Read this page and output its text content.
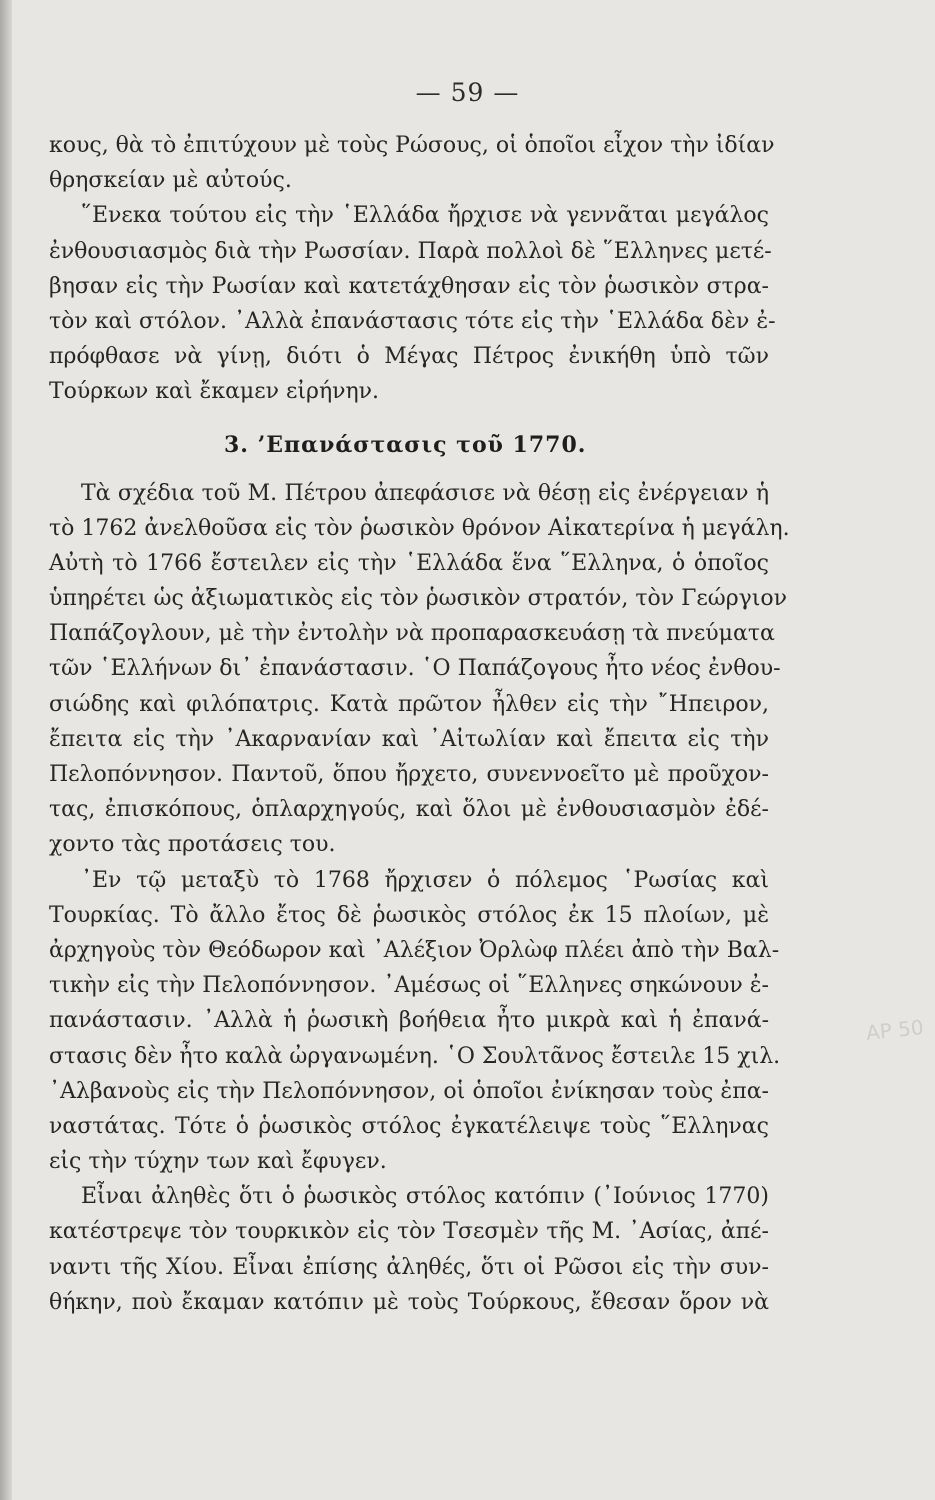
— 59 —
κους, θὰ τὸ ἐπιτύχουν μὲ τοὺς Ρώσους, οἱ ὁποῖοι εἶχον τὴν ἰδίαν
θρησκείαν μὲ αὐτούς.
῞Ενεκα τούτου εἰς τὴν ῾Ελλάδα ἤρχισε νὰ γεννᾶται μεγάλος
ἐνθουσιασμὸς διὰ τὴν Ρωσσίαν. Παρὰ πολλοὶ δὲ ῞Ελληνες μετέ-
βησαν εἰς τὴν Ρωσίαν καὶ κατετάχθησαν εἰς τὸν ῥωσικὸν στρα-
τὸν καὶ στόλον. ᾿Αλλὰ ἐπανάστασις τότε εἰς τὴν ῾Ελλάδα δὲν ἐ-
πρόφθασε νὰ γίνῃ, διότι ὁ Μέγας Πέτρος ἐνικήθη ὑπὸ τῶν
Τούρκων καὶ ἔκαμεν εἰρήνην.
3. ’Επανάστασις τοῦ 1770.
Τὰ σχέδια τοῦ Μ. Πέτρου ἀπεφάσισε νὰ θέσῃ εἰς ἐνέργειαν ἡ
τὸ 1762 ἀνελθοῦσα εἰς τὸν ῥωσικὸν θρόνον Αἰκατερίνα ἡ μεγάλη.
Αὐτὴ τὸ 1766 ἔστειλεν εἰς τὴν ῾Ελλάδα ἕνα ῞Ελληνα, ὁ ὁποῖος
ὑπηρέτει ὡς ἀξιωματικὸς εἰς τὸν ῥωσικὸν στρατόν, τὸν Γεώργιον
Παπάζογλουν, μὲ τὴν ἐντολὴν νὰ προπαρασκευάσῃ τὰ πνεύματα
τῶν ῾Ελλήνων δι᾿ ἐπανάστασιν. ῾Ο Παπάζογους ἦτο νέος ἐνθου-
σιώδης καὶ φιλόπατρις. Κατὰ πρῶτον ἦλθεν εἰς τὴν ῎Ηπειρον,
ἔπειτα εἰς τὴν ᾿Ακαρνανίαν καὶ ᾿Αἰτωλίαν καὶ ἔπειτα εἰς τὴν
Πελοπόννησον. Παντοῦ, ὅπου ἤρχετο, συνεννοεῖτο μὲ προῦχον-
τας, ἐπισκόπους, ὁπλαρχηγούς, καὶ ὅλοι μὲ ἐνθουσιασμὸν ἐδέ-
χοντο τὰς προτάσεις του.
᾿Εν τῷ μεταξὺ τὸ 1768 ἤρχισεν ὁ πόλεμος ῾Ρωσίας καὶ
Τουρκίας. Τὸ ἄλλο ἔτος δὲ ῥωσικὸς στόλος ἐκ 15 πλοίων, μὲ
ἀρχηγοὺς τὸν Θεόδωρον καὶ ᾿Αλέξιον Ὀρλὼφ πλέει ἀπὸ τὴν Βαλ-
τικὴν εἰς τὴν Πελοπόννησον. ᾿Αμέσως οἱ ῞Ελληνες σηκώνουν ἐ-
πανάστασιν. ᾿Αλλὰ ἡ ῥωσικὴ βοήθεια ἦτο μικρὰ καὶ ἡ ἐπανά-
στασις δὲν ἦτο καλὰ ὠργανωμένη. ῾Ο Σουλτᾶνος ἔστειλε 15 χιλ.
᾿Αλβανοὺς εἰς τὴν Πελοπόννησον, οἱ ὁποῖοι ἐνίκησαν τοὺς ἐπα-
ναστάτας. Τότε ὁ ῥωσικὸς στόλος ἐγκατέλειψε τοὺς ῞Ελληνας
εἰς τὴν τύχην των καὶ ἔφυγεν.
Εἶναι ἀληθὲς ὅτι ὁ ῥωσικὸς στόλος κατόπιν (᾿Ιούνιος 1770)
κατέστρεψε τὸν τουρκικὸν εἰς τὸν Τσεσμὲν τῆς Μ. ᾿Ασίας, ἀπέ-
ναντι τῆς Χίου. Εἶναι ἐπίσης ἀληθές, ὅτι οἱ Ρῶσοι εἰς τὴν συν-
θήκην, ποὺ ἔκαμαν κατόπιν μὲ τοὺς Τούρκους, ἔθεσαν ὅρον νὰ
ΑΡ 50
